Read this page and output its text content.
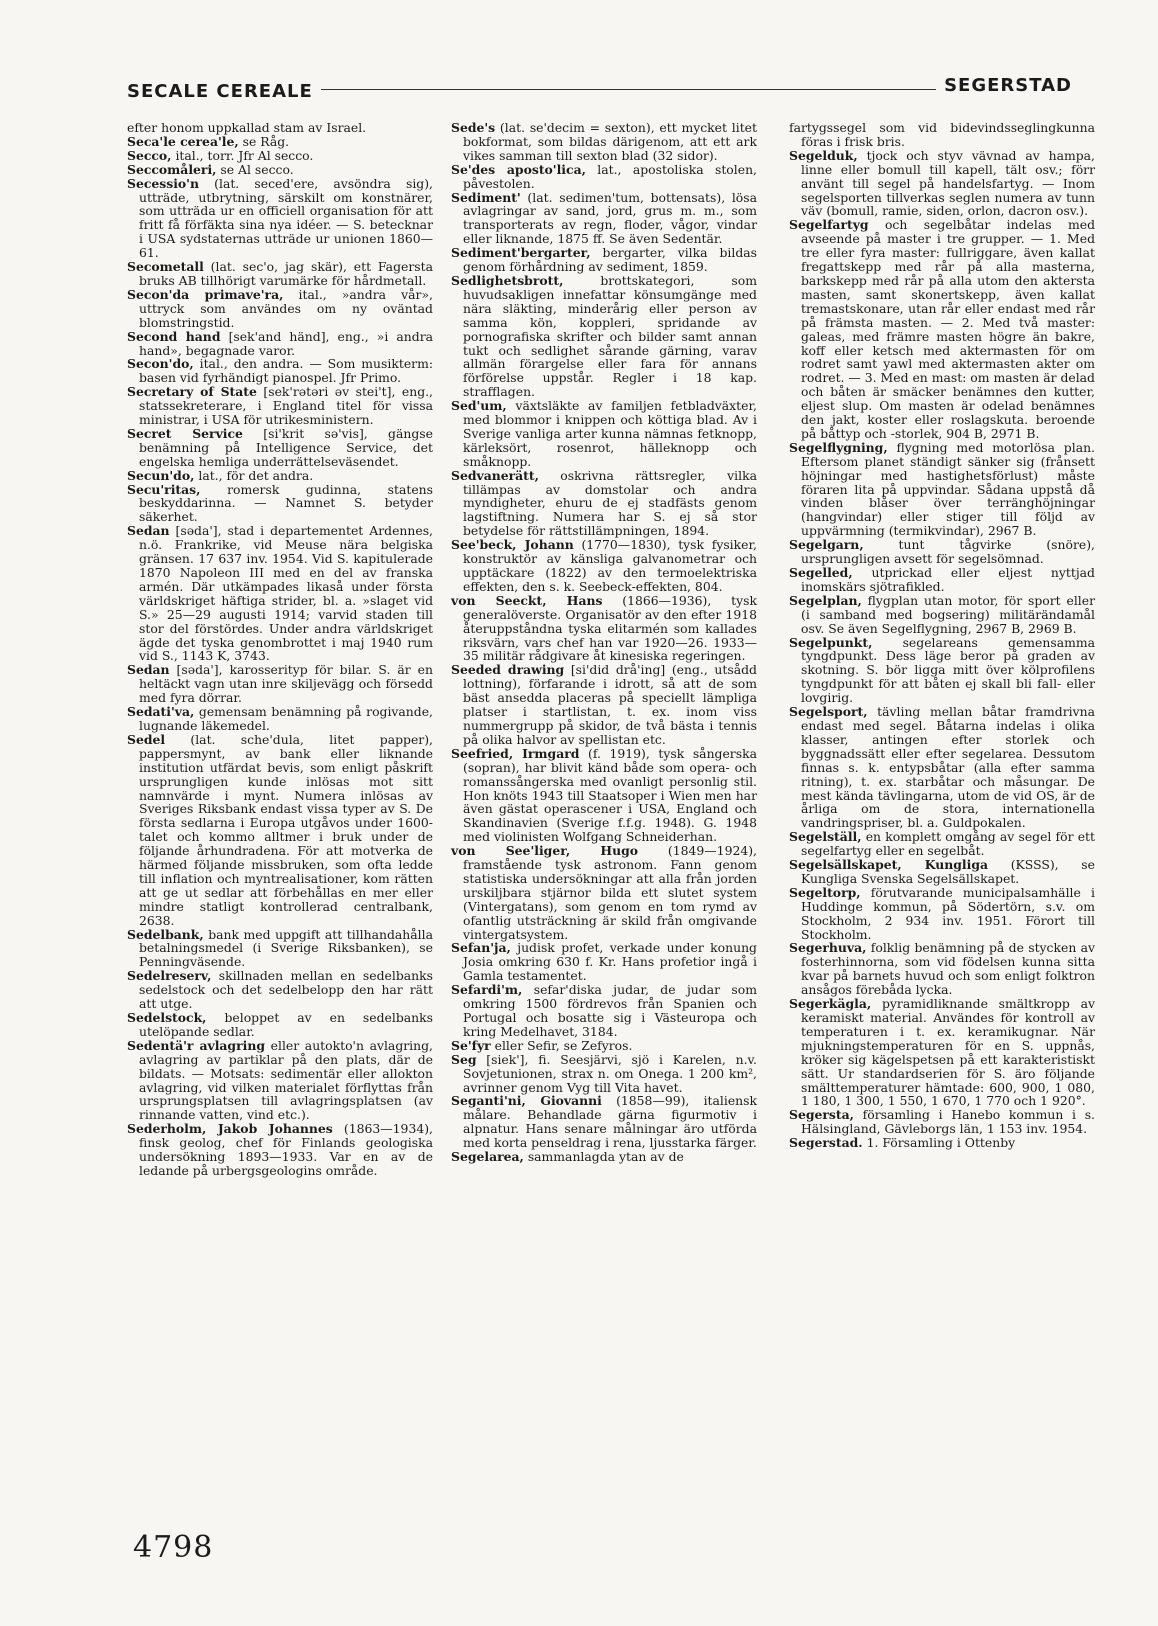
SECALE CEREALE	SEGERSTAD

efter honom uppkallad stam av Israel.

Seca'le cerea'le, se Råg.

Secco, ital., torr. Jfr Al secco.

Seccomåleri, se Al secco.

Secessio'n (lat. seced'ere, avsöndra sig), utträde, utbrytning, särskilt om konstnärer, som utträda ur en officiell organisation för att fritt få förfäkta sina nya idéer. — S. betecknar i USA sydstaternas utträde ur unionen 1860—61.

Secometall (lat. sec'o, jag skär), ett Fagersta bruks AB tillhörigt varumärke för hårdmetall.

Secon'da primave'ra, ital., »andra vår», uttryck som användes om ny oväntad blomstringstid.

Second hand [sek'and händ], eng., »i andra hand», begagnade varor.

Secon'do, ital., den andra. — Som musikterm: basen vid fyrhändigt pianospel. Jfr Primo.

Secretary of State [sek'rətəri əv stei't], eng., statssekreterare, i England titel för vissa ministrar, i USA för utrikesministern.

Secret Service [si'krit sə'vis], gängse benämning på Intelligence Service, det engelska hemliga underrättelseväsendet.

Secun'do, lat., för det andra.

Secu'ritas, romersk gudinna, statens beskyddarinna. — Namnet S. betyder säkerhet.

Sedan [səda'], stad i departementet Ardennes, n.ö. Frankrike, vid Meuse nära belgiska gränsen. 17 637 inv. 1954. Vid S. kapitulerade 1870 Napoleon III med en del av franska armén. Där utkämpades likaså under första världskriget häftiga strider, bl. a. »slaget vid S.» 25—29 augusti 1914; varvid staden till stor del förstördes. Under andra världskriget ägde det tyska genombrottet i maj 1940 rum vid S., 1143 K, 3743.

Sedan [səda'], karosserityp för bilar. S. är en heltäckt vagn utan inre skiljevägg och försedd med fyra dörrar.

Sedati'va, gemensam benämning på rogivande, lugnande läkemedel.

Sedel (lat. sche'dula, litet papper), pappersmynt, av bank eller liknande institution utfärdat bevis, som enligt påskrift ursprungligen kunde inlösas mot sitt namnvärde i mynt. Numera inlösas av Sveriges Riksbank endast vissa typer av S. De första sedlarna i Europa utgåvos under 1600-talet och kommo alltmer i bruk under de följande århundradena. För att motverka de härmed följande missbruken, som ofta ledde till inflation och myntrealisationer, kom rätten att ge ut sedlar att förbehållas en mer eller mindre statligt kontrollerad centralbank, 2638.

Sedelbank, bank med uppgift att tillhandahålla betalningsmedel (i Sverige Riksbanken), se Penningväsende.

Sedelreserv, skillnaden mellan en sedelbanks sedelstock och det sedelbelopp den har rätt att utge.

Sedelstock, beloppet av en sedelbanks utelöpande sedlar.

Sedentä'r avlagring eller autokto'n avlagring, avlagring av partiklar på den plats, där de bildats. — Motsats: sedimentär eller allokton avlagring, vid vilken materialet förflyttas från ursprungsplatsen till avlagringsplatsen (av rinnande vatten, vind etc.).

Sederholm, Jakob Johannes (1863—1934), finsk geolog, chef för Finlands geologiska undersökning 1893—1933. Var en av de ledande på urbergsgeologins område.

Sede's (lat. se'decim = sexton), ett mycket litet bokformat, som bildas därigenom, att ett ark vikes samman till sexton blad (32 sidor).

Se'des aposto'lica, lat., apostoliska stolen, påvestolen.

Sediment' (lat. sedimen'tum, bottensats), lösa avlagringar av sand, jord, grus m. m., som transporterats av regn, floder, vågor, vindar eller liknande, 1875 ff. Se även Sedentär.

Sediment'bergarter, bergarter, vilka bildas genom förhårdning av sediment, 1859.

Sedlighetsbrott, brottskategori, som huvudsakligen innefattar könsumgänge med nära släkting, minderårig eller person av samma kön, koppleri, spridande av pornografiska skrifter och bilder samt annan tukt och sedlighet sårande gärning, varav allmän förargelse eller fara för annans förförelse uppstår. Regler i 18 kap. strafflagen.

Sed'um, växtsläkte av familjen fetbladväxter, med blommor i knippen och köttiga blad. Av i Sverige vanliga arter kunna nämnas fetknopp, kärleksört, rosenrot, hälleknopp och småknopp.

Sedvanerätt, oskrivna rättsregler, vilka tillämpas av domstolar och andra myndigheter, ehuru de ej stadfästs genom lagstiftning. Numera har S. ej så stor betydelse för rättstillämpningen, 1894.

See'beck, Johann (1770—1830), tysk fysiker, konstruktör av känsliga galvanometrar och upptäckare (1822) av den termoelektriska effekten, den s. k. Seebeck-effekten, 804.

von Seeckt, Hans (1866—1936), tysk generalöverste. Organisatör av den efter 1918 återuppståndna tyska elitarmén som kallades riksvärn, vars chef han var 1920—26. 1933—35 militär rådgivare åt kinesiska regeringen.

Seeded drawing [si'did drå'ing] (eng., utsådd lottning), förfarande i idrott, så att de som bäst ansedda placeras på speciellt lämpliga platser i startlistan, t. ex. inom viss nummergrupp på skidor, de två bästa i tennis på olika halvor av spellistan etc.

Seefried, Irmgard (f. 1919), tysk sångerska (sopran), har blivit känd både som opera- och romanssångerska med ovanligt personlig stil. Hon knöts 1943 till Staatsoper i Wien men har även gästat operascener i USA, England och Skandinavien (Sverige f.f.g. 1948). G. 1948 med violinisten Wolfgang Schneiderhan.

von See'liger, Hugo (1849—1924), framstående tysk astronom. Fann genom statistiska undersökningar att alla från jorden urskiljbara stjärnor bilda ett slutet system (Vintergatans), som genom en tom rymd av ofantlig utsträckning är skild från omgivande vintergatsystem.

Sefan'ja, judisk profet, verkade under konung Josia omkring 630 f. Kr. Hans profetior ingå i Gamla testamentet.

Sefardi'm, sefar'diska judar, de judar som omkring 1500 fördrevos från Spanien och Portugal och bosatte sig i Västeuropa och kring Medelhavet, 3184.

Se'fyr eller Sefir, se Zefyros.

Seg [siek'], fi. Seesjärvi, sjö i Karelen, n.v. Sovjetunionen, strax n. om Onega. 1 200 km², avrinner genom Vyg till Vita havet.

Seganti'ni, Giovanni (1858—99), italiensk målare. Behandlade gärna figurmotiv i alpnatur. Hans senare målningar äro utförda med korta penseldrag i rena, ljusstarka färger.

Segelarea, sammanlagda ytan av de

fartygssegel som vid bidevindsseglingkunna föras i frisk bris.

Segelduk, tjock och styv vävnad av hampa, linne eller bomull till kapell, tält osv.; förr använt till segel på handelsfartyg. — Inom segelsporten tillverkas seglen numera av tunn väv (bomull, ramie, siden, orlon, dacron osv.).

Segelfartyg och segelbåtar indelas med avseende på master i tre grupper. — 1. Med tre eller fyra master: fullriggare, även kallat fregattskepp med rår på alla masterna, barkskepp med rår på alla utom den aktersta masten, samt skonertskepp, även kallat tremastskonare, utan rår eller endast med rår på främsta masten. — 2. Med två master: galeas, med främre masten högre än bakre, koff eller ketsch med aktermasten för om rodret samt yawl med aktermasten akter om rodret. — 3. Med en mast: om masten är delad och båten är smäcker benämnes den kutter, eljest slup. Om masten är odelad benämnes den jakt, koster eller roslagskuta. beroende på båttyp och -storlek, 904 B, 2971 B.

Segelflygning, flygning med motorlösa plan. Eftersom planet ständigt sänker sig (frånsett höjningar med hastighetsförlust) måste föraren lita på uppvindar. Sådana uppstå då vinden blåser över terränghöjningar (hangvindar) eller stiger till följd av uppvärmning (termikvindar), 2967 B.

Segelgarn, tunt tågvirke (snöre), ursprungligen avsett för segelsömnad.

Segelled, utprickad eller eljest nyttjad inomskärs sjötrafikled.

Segelplan, flygplan utan motor, för sport eller (i samband med bogsering) militärändamål osv. Se även Segelflygning, 2967 B, 2969 B.

Segelpunkt, segelareans gemensamma tyngdpunkt. Dess läge beror på graden av skotning. S. bör ligga mitt över kölprofilens tyngdpunkt för att båten ej skall bli fall- eller lovgirig.

Segelsport, tävling mellan båtar framdrivna endast med segel. Båtarna indelas i olika klasser, antingen efter storlek och byggnadssätt eller efter segelarea. Dessutom finnas s. k. entypsbåtar (alla efter samma ritning), t. ex. starbåtar och måsungar. De mest kända tävlingarna, utom de vid OS, är de årliga om de stora, internationella vandringspriser, bl. a. Guldpokalen.

Segelställ, en komplett omgång av segel för ett segelfartyg eller en segelbåt.

Segelsällskapet, Kungliga (KSSS), se Kungliga Svenska Segelsällskapet.

Segeltorp, förutvarande municipalsamhälle i Huddinge kommun, på Södertörn, s.v. om Stockholm, 2 934 inv. 1951. Förort till Stockholm.

Segerhuva, folklig benämning på de stycken av fosterhinnorna, som vid födelsen kunna sitta kvar på barnets huvud och som enligt folktron ansågos förebåda lycka.

Segerkägla, pyramidliknande smältkropp av keramiskt material. Användes för kontroll av temperaturen i t. ex. keramikugnar. När mjukningstemperaturen för en S. uppnås, kröker sig kägelspetsen på ett karakteristiskt sätt. Ur standardserien för S. äro följande smälttemperaturer hämtade: 600, 900, 1 080, 1 180, 1 300, 1 550, 1 670, 1 770 och 1 920°.

Segersta, församling i Hanebo kommun i s. Hälsingland, Gävleborgs län, 1 153 inv. 1954.

Segerstad. 1. Församling i Ottenby

4798
